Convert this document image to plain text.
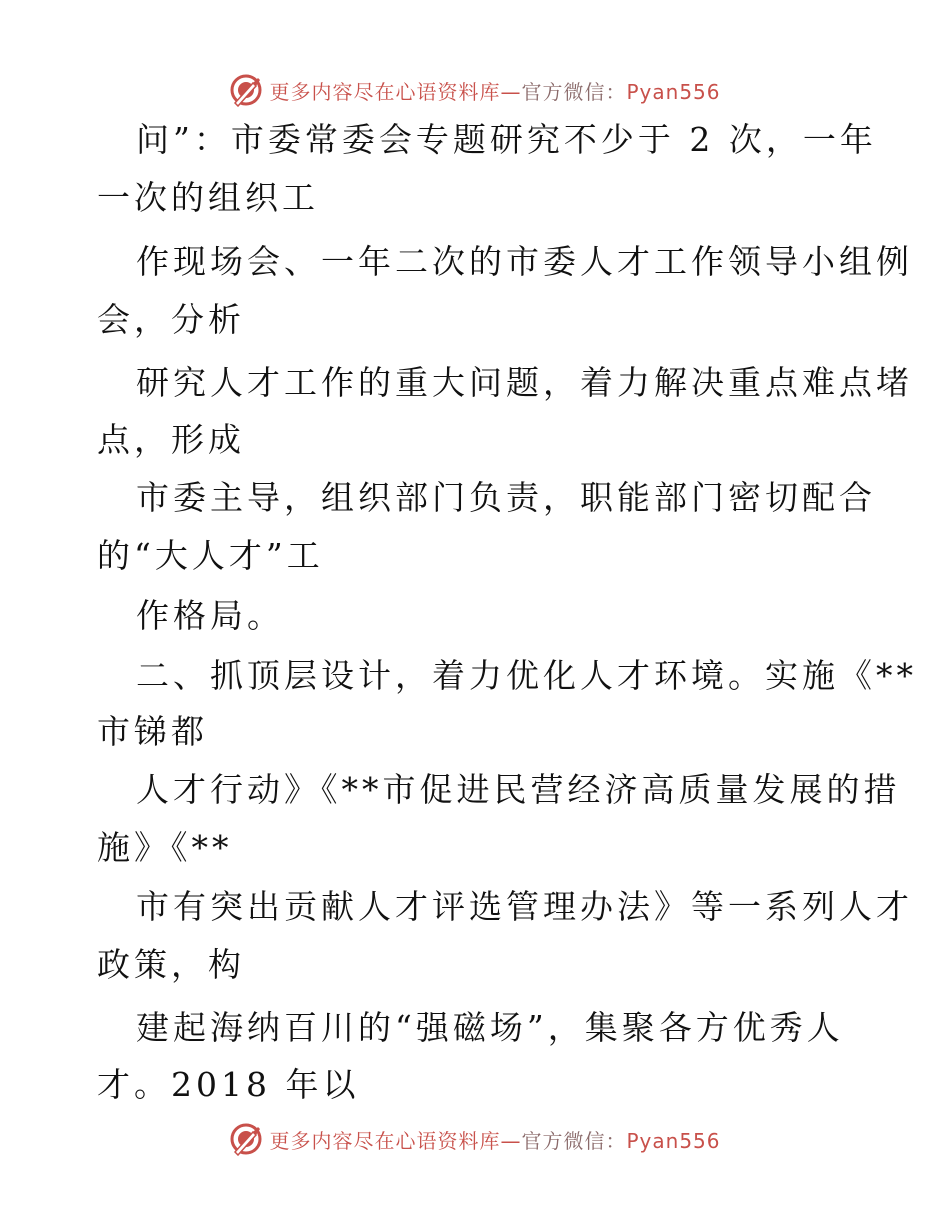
更多内容尽在心语资料库—官方微信：Pyan556
问”：市委常委会专题研究不少于 2 次，一年
一次的组织工
作现场会、一年二次的市委人才工作领导小组例
会，分析
研究人才工作的重大问题，着力解决重点难点堵
点，形成
市委主导，组织部门负责，职能部门密切配合
的“大人才”工
作格局。
二、抓顶层设计，着力优化人才环境。实施《**
市锑都
人才行动》《**市促进民营经济高质量发展的措
施》《**
市有突出贡献人才评选管理办法》等一系列人才
政策，构
建起海纳百川的“强磁场”，集聚各方优秀人
才。2018 年以
更多内容尽在心语资料库—官方微信：Pyan556
